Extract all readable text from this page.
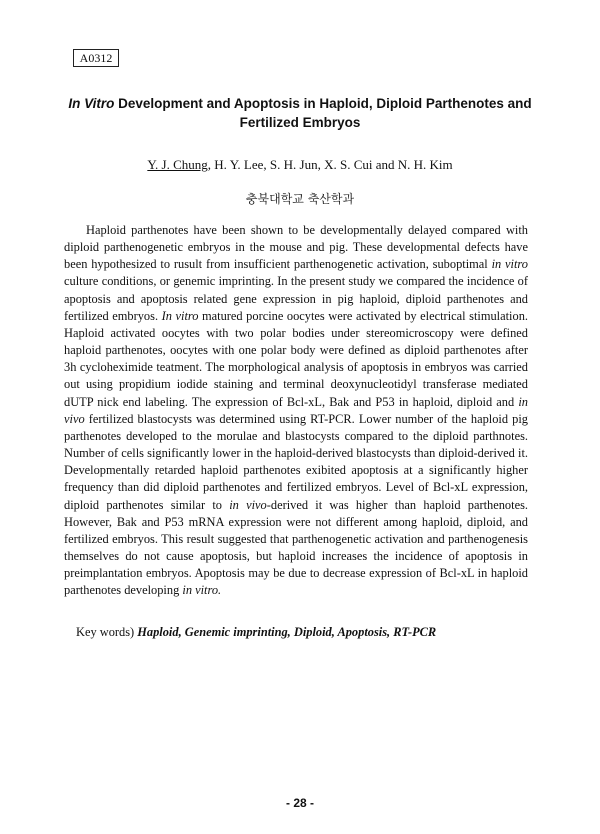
A0312
In Vitro Development and Apoptosis in Haploid, Diploid Parthenotes and Fertilized Embryos
Y. J. Chung, H. Y. Lee, S. H. Jun, X. S. Cui and N. H. Kim
충북대학교 축산학과

Haploid parthenotes have been shown to be developmentally delayed compared with diploid parthenogenetic embryos in the mouse and pig. These developmental defects have been hypothesized to rusult from insufficient parthenogenetic activation, suboptimal in vitro culture conditions, or genemic imprinting. In the present study we compared the incidence of apoptosis and apoptosis related gene expression in pig haploid, diploid parthenotes and fertilized embryos. In vitro matured porcine oocytes were activated by electrical stimulation. Haploid activated oocytes with two polar bodies under stereomicroscopy were defined haploid parthenotes, oocytes with one polar body were defined as diploid parthenotes after 3h cycloheximide teatment. The morphological analysis of apoptosis in embryos was carried out using propidium iodide staining and terminal deoxynucleotidyl transferase mediated dUTP nick end labeling. The expression of Bcl-xL, Bak and P53 in haploid, diploid and in vivo fertilized blastocysts was determined using RT-PCR. Lower number of the haploid pig parthenotes developed to the morulae and blastocysts compared to the diploid parthnotes. Number of cells significantly lower in the haploid-derived blastocysts than diploid-derived it. Developmentally retarded haploid parthenotes exibited apoptosis at a significantly higher frequency than did diploid parthenotes and fertilized embryos. Level of Bcl-xL expression, diploid parthenotes similar to in vivo-derived it was higher than haploid parthenotes. However, Bak and P53 mRNA expression were not different among haploid, diploid, and fertilized embryos. This result suggested that parthenogenetic activation and parthenogenesis themselves do not cause apoptosis, but haploid increases the incidence of apoptosis in preimplantation embryos. Apoptosis may be due to decrease expression of Bcl-xL in haploid parthenotes developing in vitro.

Key words) Haploid, Genemic imprinting, Diploid, Apoptosis, RT-PCR
- 28 -
